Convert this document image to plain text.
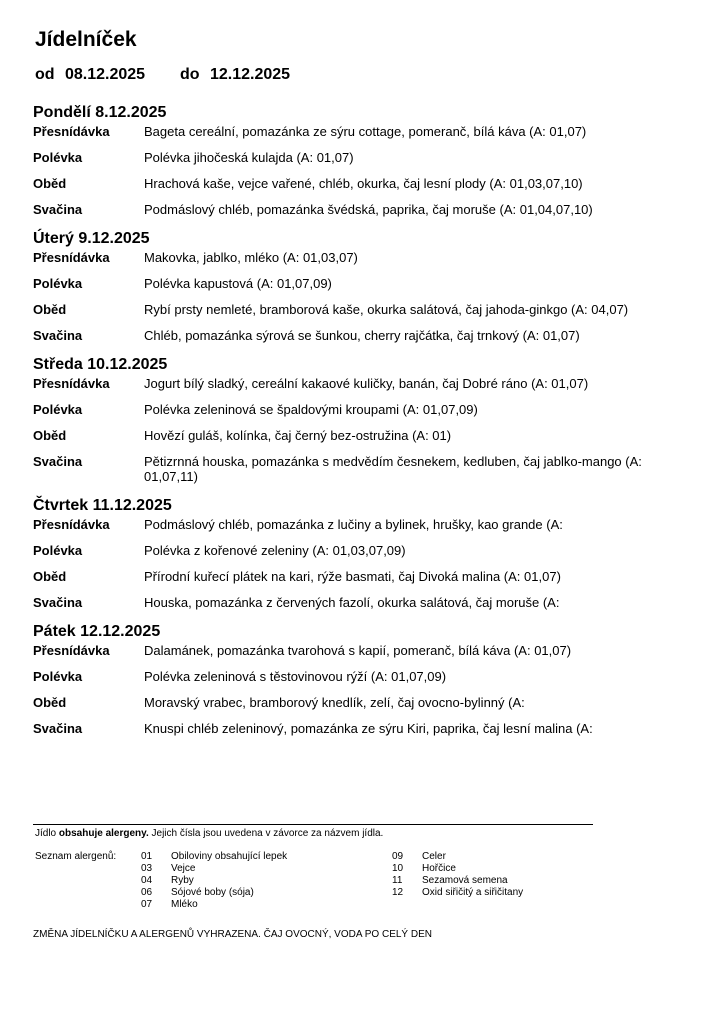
Jídelníček
od 08.12.2025 do 12.12.2025
Pondělí 8.12.2025
Přesnídávka	Bageta cereální, pomazánka ze sýru cottage, pomeranč, bílá káva (A: 01,07)
Polévka	Polévka jihočeská kulajda (A: 01,07)
Oběd	Hrachová kaše, vejce vařené, chléb, okurka, čaj lesní plody (A: 01,03,07,10)
Svačina	Podmáslový chléb, pomazánka švédská, paprika, čaj moruše (A: 01,04,07,10)
Úterý 9.12.2025
Přesnídávka	Makovka, jablko, mléko (A: 01,03,07)
Polévka	Polévka kapustová (A: 01,07,09)
Oběd	Rybí prsty nemleté, bramborová kaše, okurka salátová, čaj jahoda-ginkgo (A: 04,07)
Svačina	Chléb, pomazánka sýrová se šunkou, cherry rajčátka, čaj trnkový (A: 01,07)
Středa 10.12.2025
Přesnídávka	Jogurt bílý sladký, cereální kakaové kuličky, banán, čaj Dobré ráno (A: 01,07)
Polévka	Polévka zeleninová se špaldovými kroupami (A: 01,07,09)
Oběd	Hovězí guláš, kolínka, čaj černý bez-ostružina (A: 01)
Svačina	Pětizrnná houska, pomazánka s medvědím česnekem, kedluben, čaj jablko-mango (A: 01,07,11)
Čtvrtek 11.12.2025
Přesnídávka	Podmáslový chléb, pomazánka z lučiny a bylinek, hrušky, kao grande (A:
Polévka	Polévka z kořenové zeleniny (A: 01,03,07,09)
Oběd	Přírodní kuřecí plátek na kari, rýže basmati, čaj Divoká malina (A: 01,07)
Svačina	Houska, pomazánka z červených fazolí, okurka salátová, čaj moruše (A:
Pátek 12.12.2025
Přesnídávka	Dalamánek, pomazánka tvarohová s kapií, pomeranč, bílá káva (A: 01,07)
Polévka	Polévka zeleninová s těstovinovou rýží (A: 01,07,09)
Oběd	Moravský vrabec, bramborový knedlík, zelí, čaj ovocno-bylinný (A:
Svačina	Knuspi chléb zeleninový, pomazánka ze sýru Kiri, paprika, čaj lesní malina (A:
Jídlo obsahuje alergeny. Jejich čísla jsou uvedena v závorce za názvem jídla.
Seznam alergenů:	01	Obiloviny obsahující lepek
03	Vejce
04	Ryby
06	Sójové boby (sója)
07	Mléko
09	Celer
10	Hořčice
11	Sezamová semena
12	Oxid siřičitý a siřičitany
ZMĚNA JÍDELNÍČKU A ALERGENŮ VYHRAZENA. ČAJ OVOCNÝ, VODA PO CELÝ DEN
